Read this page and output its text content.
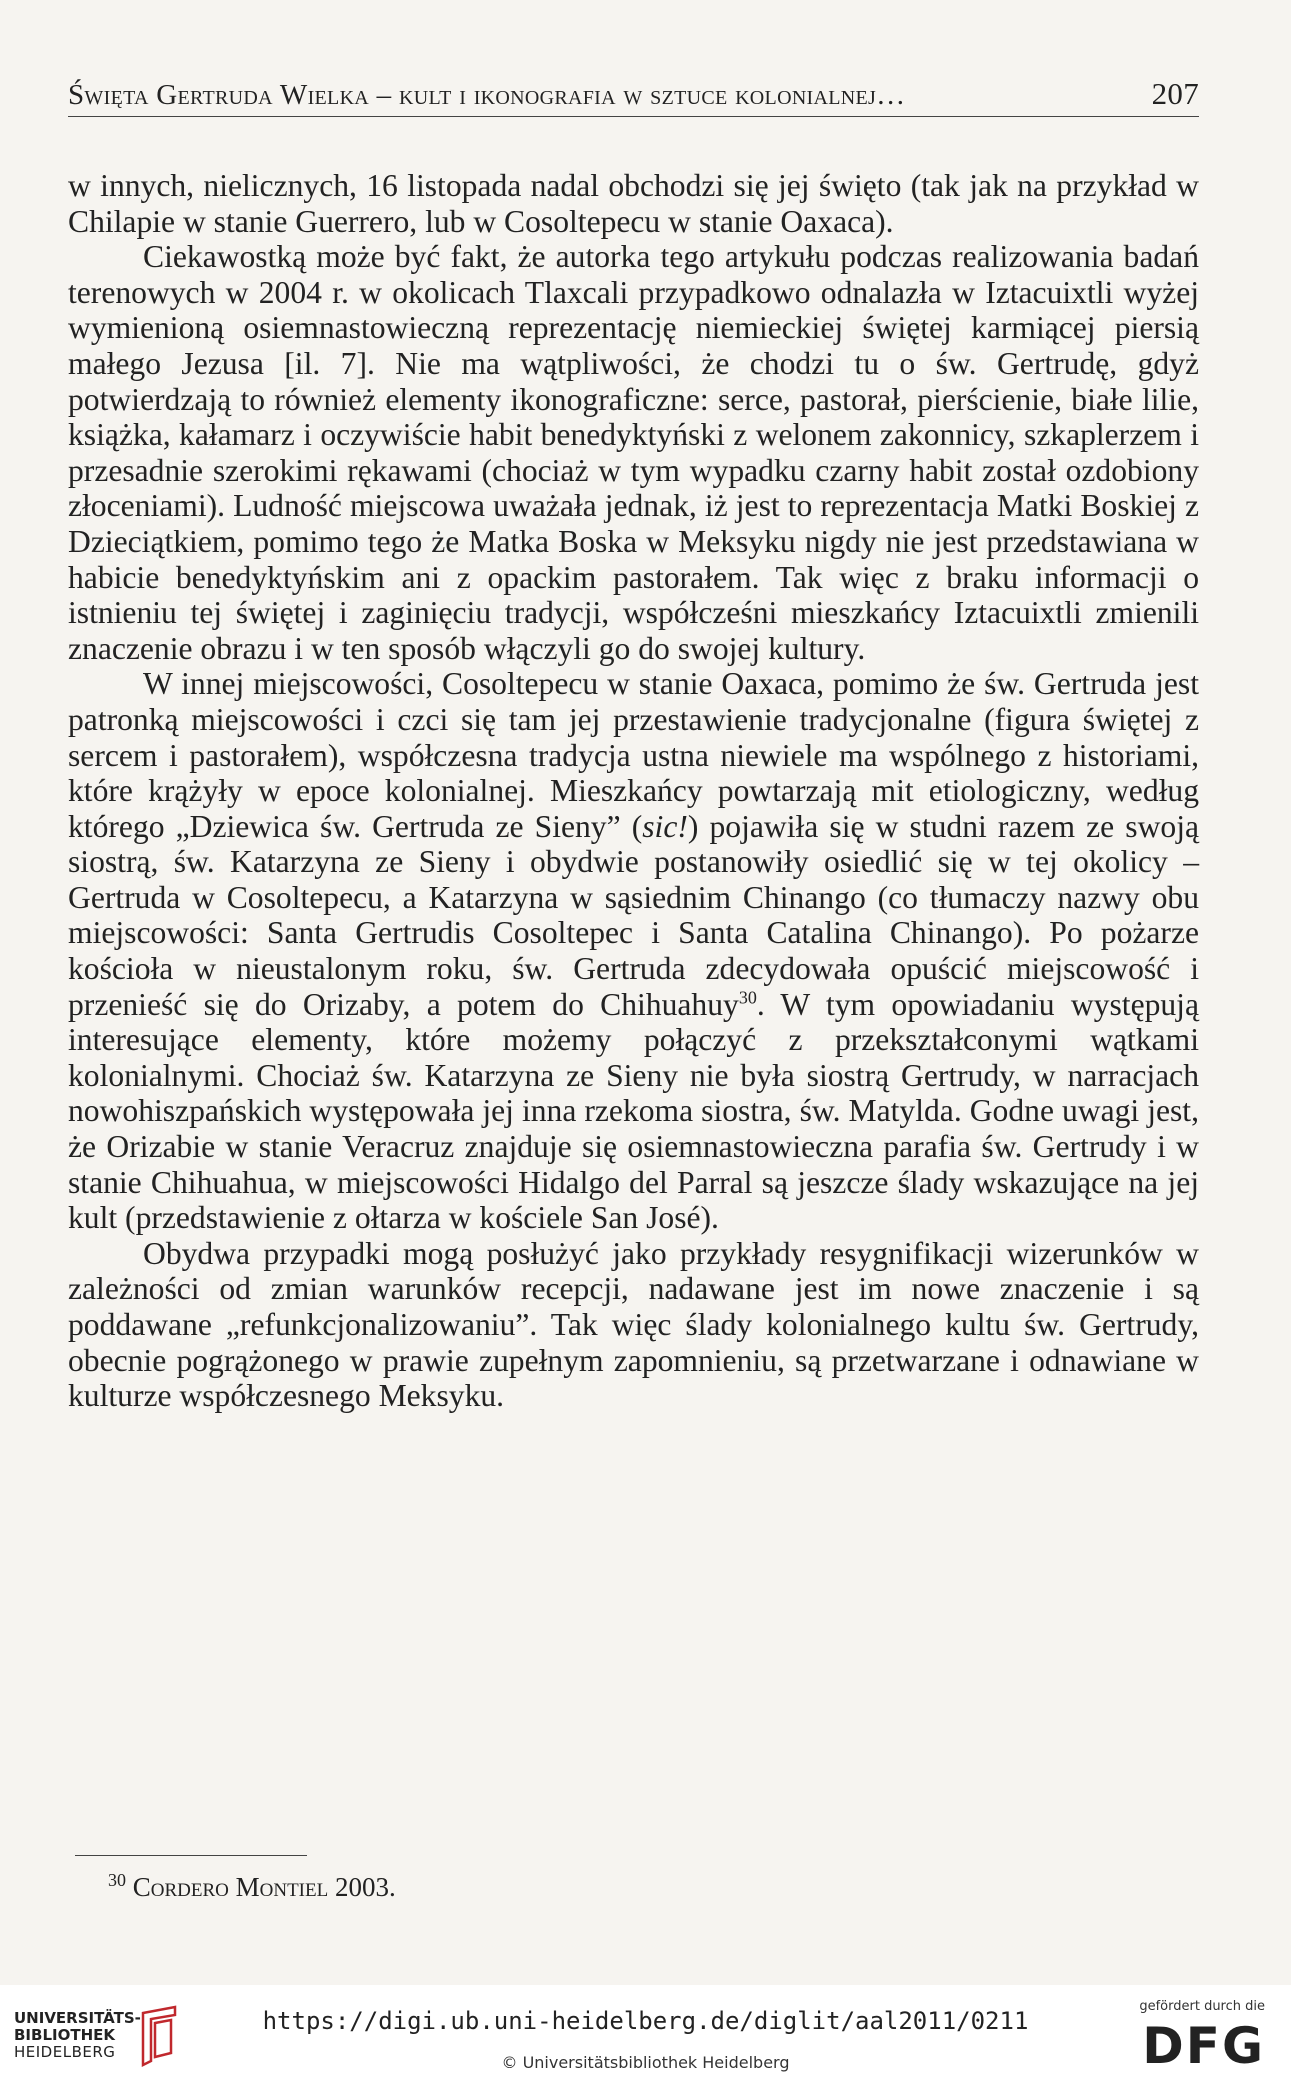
Święta Gertruda Wielka – kult i ikonografia w sztuce kolonialnej…	207

w innych, nielicznych, 16 listopada nadal obchodzi się jej święto (tak jak na przykład w Chilapie w stanie Guerrero, lub w Cosoltepecu w stanie Oaxaca).

Ciekawostką może być fakt, że autorka tego artykułu podczas realizowania badań terenowych w 2004 r. w okolicach Tlaxcali przypadkowo odnalazła w Iztacuixtli wyżej wymienioną osiemnastowieczną reprezentację niemieckiej świętej karmiącej piersią małego Jezusa [il. 7]. Nie ma wątpliwości, że chodzi tu o św. Gertrudę, gdyż potwierdzają to również elementy ikonograficzne: serce, pastorał, pierścienie, białe lilie, książka, kałamarz i oczywiście habit benedyktyński z welonem zakonnicy, szkaplerzem i przesadnie szerokimi rękawami (chociaż w tym wypadku czarny habit został ozdobiony złoceniami). Ludność miejscowa uważała jednak, iż jest to reprezentacja Matki Boskiej z Dzieciątkiem, pomimo tego że Matka Boska w Meksyku nigdy nie jest przedstawiana w habicie benedyktyńskim ani z opackim pastorałem. Tak więc z braku informacji o istnieniu tej świętej i zaginięciu tradycji, współcześni mieszkańcy Iztacuixtli zmienili znaczenie obrazu i w ten sposób włączyli go do swojej kultury.

W innej miejscowości, Cosoltepecu w stanie Oaxaca, pomimo że św. Gertruda jest patronką miejscowości i czci się tam jej przestawienie tradycjonalne (figura świętej z sercem i pastorałem), współczesna tradycja ustna niewiele ma wspólnego z historiami, które krążyły w epoce kolonialnej. Mieszkańcy powtarzają mit etiologiczny, według którego „Dziewica św. Gertruda ze Sieny” (sic!) pojawiła się w studni razem ze swoją siostrą, św. Katarzyna ze Sieny i obydwie postanowiły osiedlić się w tej okolicy – Gertruda w Cosoltepecu, a Katarzyna w sąsiednim Chinango (co tłumaczy nazwy obu miejscowości: Santa Gertrudis Cosoltepec i Santa Catalina Chinango). Po pożarze kościoła w nieustalonym roku, św. Gertruda zdecydowała opuścić miejscowość i przenieść się do Orizaby, a potem do Chihuahuy$^{30}$. W tym opowiadaniu występują interesujące elementy, które możemy połączyć z przekształconymi wątkami kolonialnymi. Chociaż św. Katarzyna ze Sieny nie była siostrą Gertrudy, w narracjach nowohiszpańskich występowała jej inna rzekoma siostra, św. Matylda. Godne uwagi jest, że Orizabie w stanie Veracruz znajduje się osiemnastowieczna parafia św. Gertrudy i w stanie Chihuahua, w miejscowości Hidalgo del Parral są jeszcze ślady wskazujące na jej kult (przedstawienie z ołtarza w kościele San José).

Obydwa przypadki mogą posłużyć jako przykłady resygnifikacji wizerunków w zależności od zmian warunków recepcji, nadawane jest im nowe znaczenie i są poddawane „refunkcjonalizowaniu”. Tak więc ślady kolonialnego kultu św. Gertrudy, obecnie pogrążonego w prawie zupełnym zapomnieniu, są przetwarzane i odnawiane w kulturze współczesnego Meksyku.

$^{30}$ Cordero Montiel 2003.
UNIVERSITÄTS-
BIBLIOTHEK
HEIDELBERG
https://digi.ub.uni-heidelberg.de/diglit/aal2011/0211
© Universitätsbibliothek Heidelberg
gefördert durch die
DFG
